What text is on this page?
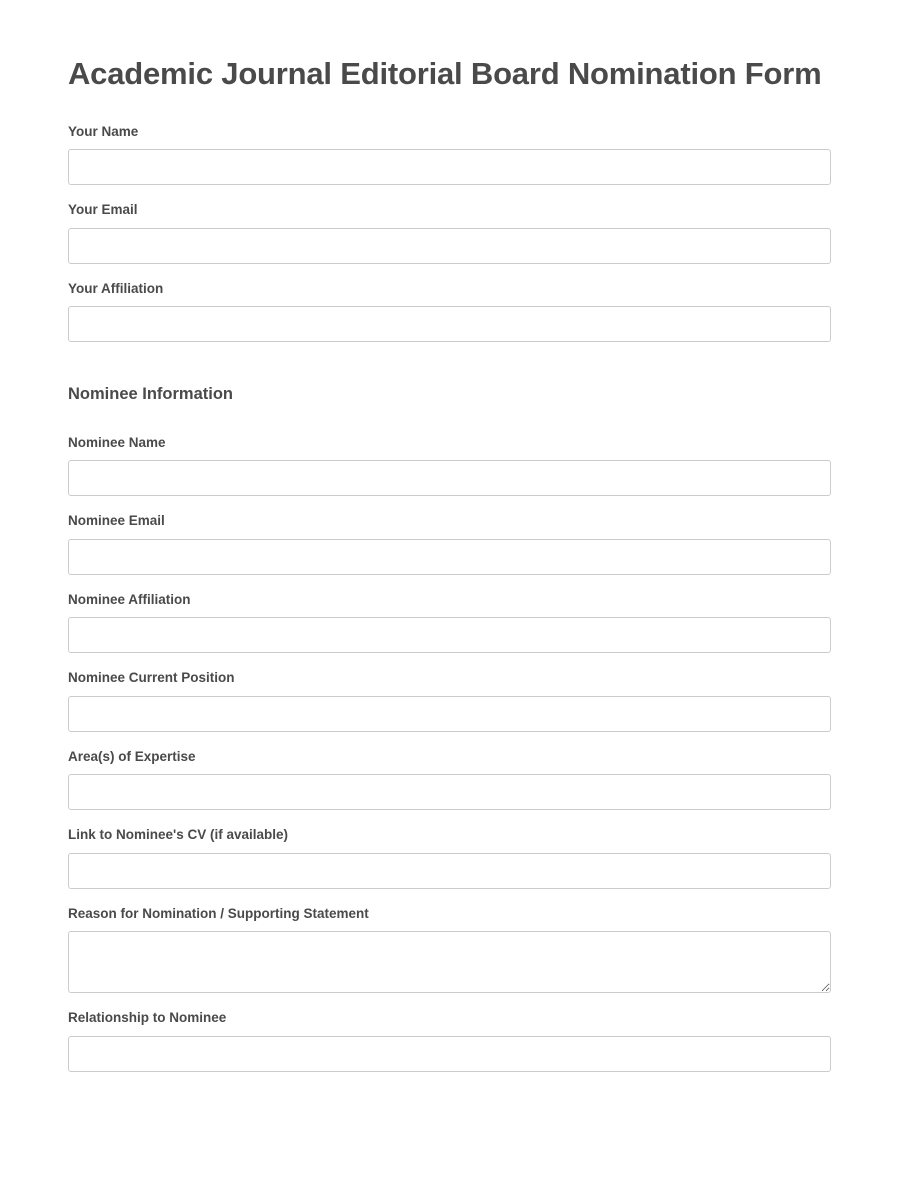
Academic Journal Editorial Board Nomination Form
Your Name
Your Email
Your Affiliation
Nominee Information
Nominee Name
Nominee Email
Nominee Affiliation
Nominee Current Position
Area(s) of Expertise
Link to Nominee's CV (if available)
Reason for Nomination / Supporting Statement
Relationship to Nominee
